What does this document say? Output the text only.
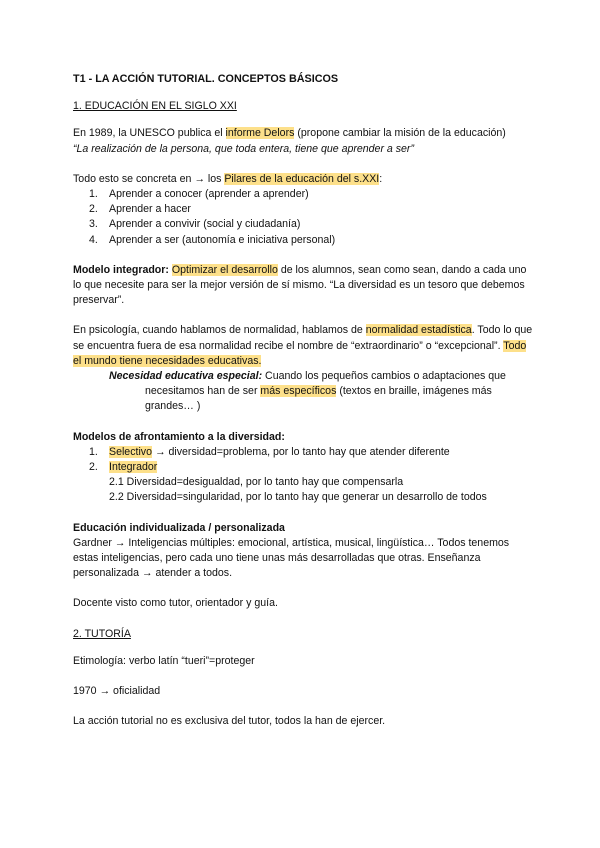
T1 - LA ACCIÓN TUTORIAL. CONCEPTOS BÁSICOS
1. EDUCACIÓN EN EL SIGLO XXI

En 1989, la UNESCO publica el informe Delors (propone cambiar la misión de la educación)

“La realización de la persona, que toda entera, tiene que aprender a ser”

Todo esto se concreta en → los Pilares de la educación del s.XXI:

1. Aprender a conocer (aprender a aprender)
2. Aprender a hacer
3. Aprender a convivir (social y ciudadanía)
4. Aprender a ser (autonomía e iniciativa personal)

Modelo integrador: Optimizar el desarrollo de los alumnos, sean como sean, dando a cada uno lo que necesite para ser la mejor versión de sí mismo. “La diversidad es un tesoro que debemos preservar”.

En psicología, cuando hablamos de normalidad, hablamos de normalidad estadística. Todo lo que se encuentra fuera de esa normalidad recibe el nombre de “extraordinario” o “excepcional”. Todo el mundo tiene necesidades educativas.

Necesidad educativa especial: Cuando los pequeños cambios o adaptaciones que necesitamos han de ser más específicos (textos en braille, imágenes más grandes… )

Modelos de afrontamiento a la diversidad:

1. Selectivo → diversidad=problema, por lo tanto hay que atender diferente
2. Integrador

2.1 Diversidad=desigualdad, por lo tanto hay que compensarla

2.2 Diversidad=singularidad, por lo tanto hay que generar un desarrollo de todos

Educación individualizada / personalizada

Gardner → Inteligencias múltiples: emocional, artística, musical, lingüística… Todos tenemos estas inteligencias, pero cada uno tiene unas más desarrolladas que otras. Enseñanza personalizada → atender a todos.

Docente visto como tutor, orientador y guía.

2. TUTORÍA

Etimología: verbo latín “tueri”=proteger

1970 → oficialidad

La acción tutorial no es exclusiva del tutor, todos la han de ejercer.
